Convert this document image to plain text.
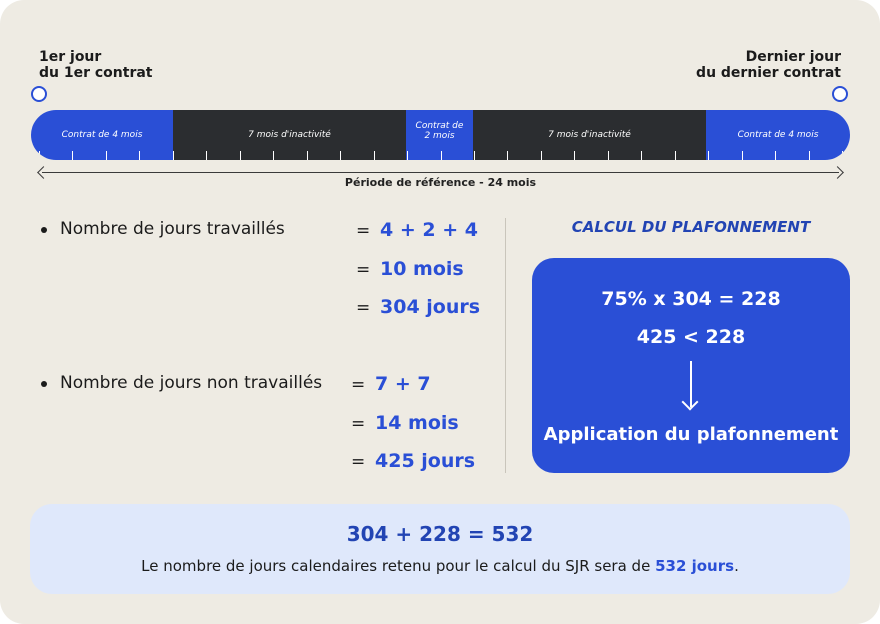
1er jour
du 1er contrat
Dernier jour
du dernier contrat
Contrat de 4 mois	7 mois d'inactivité
Contrat de
2 mois	7 mois d'inactivité	Contrat de 4 mois
Période de référence - 24 mois
Nombre de jours travaillés	= 4 + 2 + 4
= 10 mois
= 304 jours
Nombre de jours non travaillés = 7 + 7
= 14 mois
= 425 jours
CALCUL DU PLAFONNEMENT
75% x 304 = 228
425 < 228
Application du plafonnement
304 + 228 = 532
Le nombre de jours calendaires retenu pour le calcul du SJR sera de 532 jours.
